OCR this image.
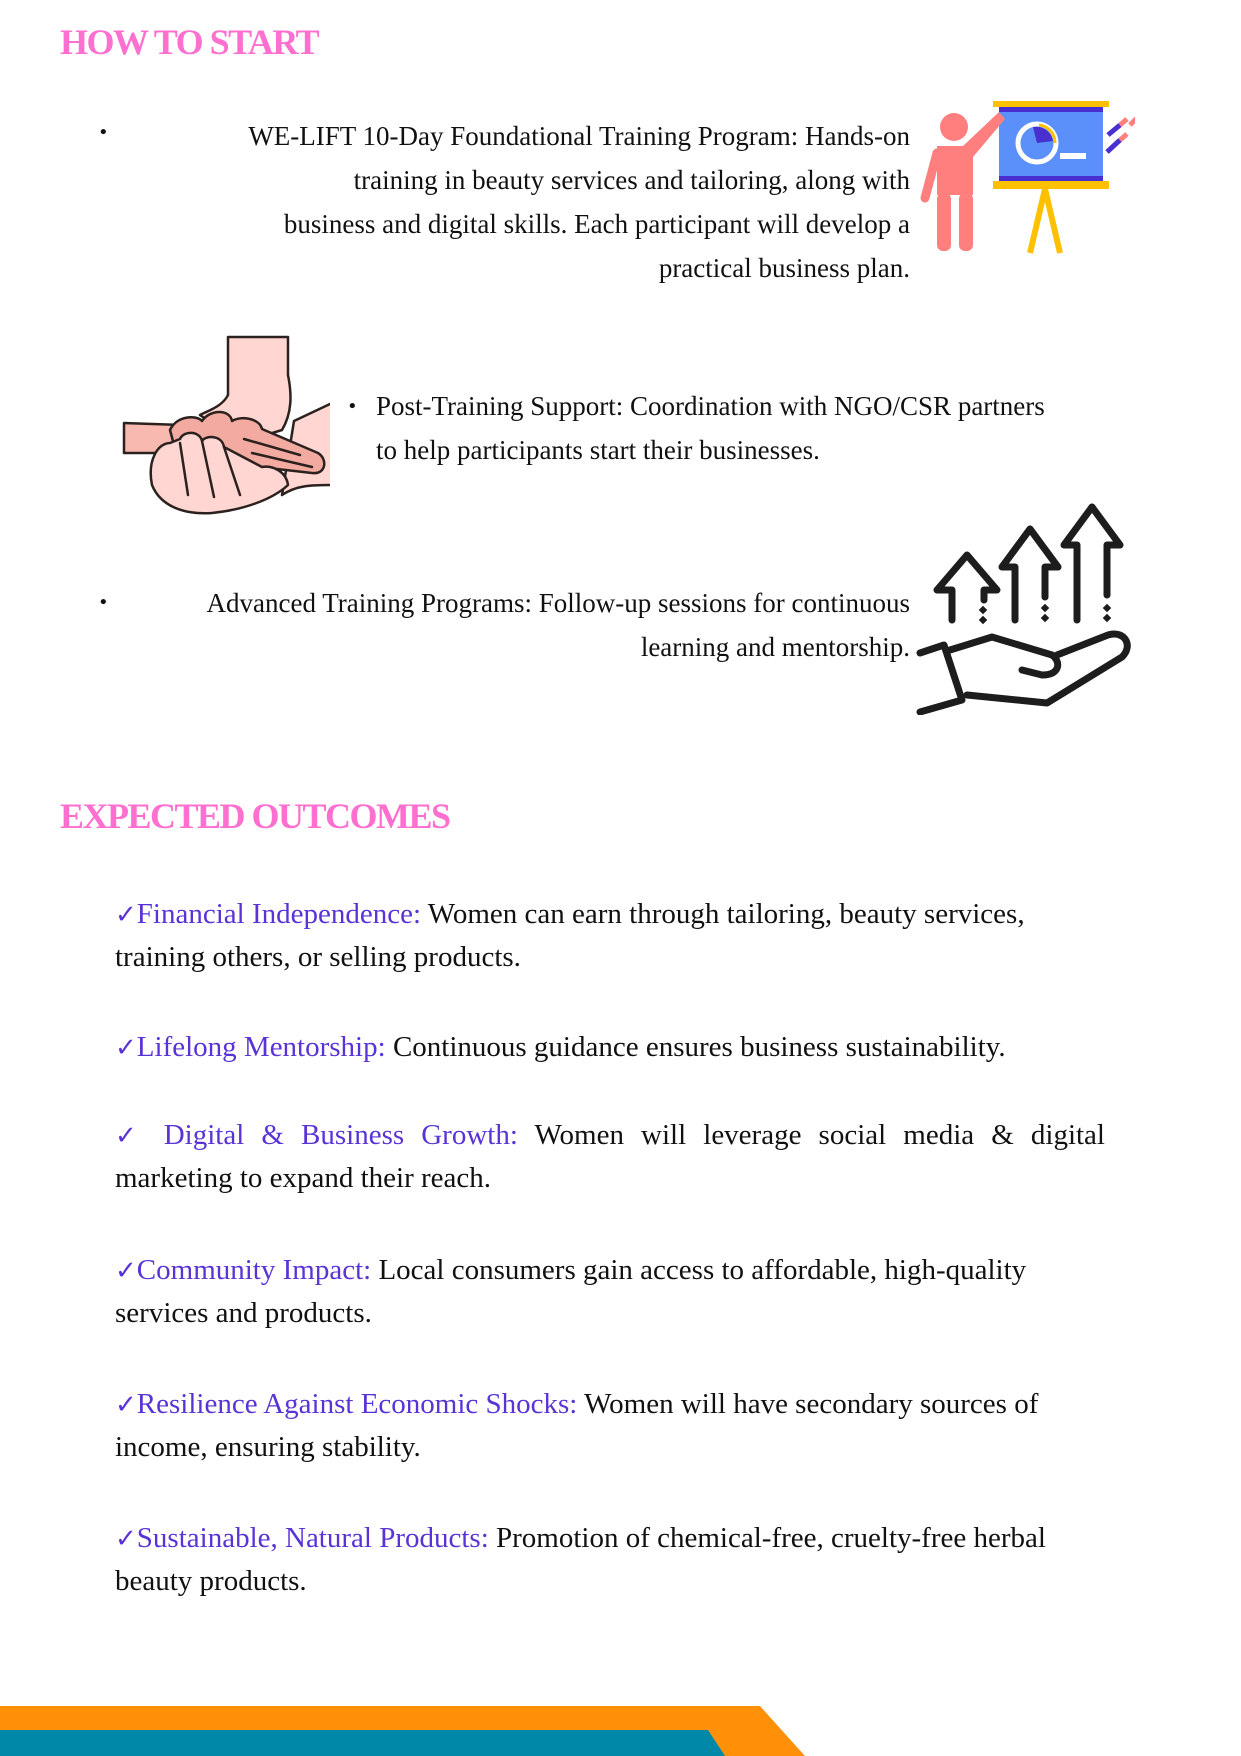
HOW TO START
•	WE-LIFT 10-Day Foundational Training Program: Hands-on
training in beauty services and tailoring, along with
business and digital skills. Each participant will develop a
practical business plan.
• Post-Training Support: Coordination with NGO/CSR partners
to help participants start their businesses.
•	Advanced Training Programs: Follow-up sessions for continuous
learning and mentorship.
EXPECTED OUTCOMES

✓Financial Independence: Women can earn through tailoring, beauty services, training others, or selling products.

✓Lifelong Mentorship: Continuous guidance ensures business sustainability.

✓ Digital & Business Growth: Women will leverage social media & digital marketing to expand their reach.

✓Community Impact: Local consumers gain access to affordable, high-quality services and products.

✓Resilience Against Economic Shocks: Women will have secondary sources of income, ensuring stability.

✓Sustainable, Natural Products: Promotion of chemical-free, cruelty-free herbal beauty products.
